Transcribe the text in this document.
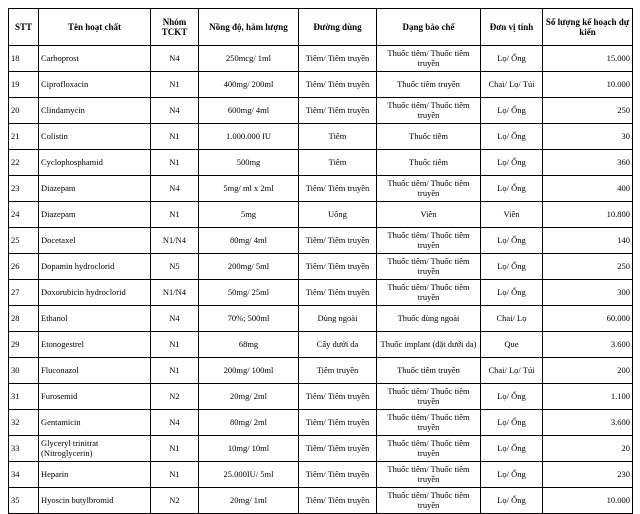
STT	Tên hoạt chất	Nhóm TCKT	Nồng độ, hàm lượng	Đường dùng	Dạng bào chế	Đơn vị tính	Số lượng kế hoạch dự kiến
18	Carboprost	N4	250mcg/ 1ml	Tiêm/ Tiêm truyền	Thuốc tiêm/ Thuốc tiêm truyền	Lọ/ Ống	15.000
19	Ciprofloxacin	N1	400mg/ 200ml	Tiêm/ Tiêm truyền	Thuốc tiêm truyền	Chai/ Lọ/ Túi	10.000
20	Clindamycin	N4	600mg/ 4ml	Tiêm/ Tiêm truyền	Thuốc tiêm/ Thuốc tiêm truyền	Lọ/ Ống	250
21	Colistin	N1	1.000.000 IU	Tiêm	Thuốc tiêm	Lọ/ Ống	30
22	Cyclophosphamid	N1	500mg	Tiêm	Thuốc tiêm	Lọ/ Ống	360
23	Diazepam	N4	5mg/ ml x 2ml	Tiêm/ Tiêm truyền	Thuốc tiêm/ Thuốc tiêm truyền	Lọ/ Ống	400
24	Diazepam	N1	5mg	Uống	Viên	Viên	10.800
25	Docetaxel	N1/N4	80mg/ 4ml	Tiêm/ Tiêm truyền	Thuốc tiêm/ Thuốc tiêm truyền	Lọ/ Ống	140
26	Dopamin hydroclorid	N5	200mg/ 5ml	Tiêm/ Tiêm truyền	Thuốc tiêm/ Thuốc tiêm truyền	Lọ/ Ống	250
27	Doxorubicin hydroclorid	N1/N4	50mg/ 25ml	Tiêm/ Tiêm truyền	Thuốc tiêm/ Thuốc tiêm truyền	Lọ/ Ống	300
28	Ethanol	N4	70%; 500ml	Dùng ngoài	Thuốc dùng ngoài	Chai/ Lọ	60.000
29	Etonogestrel	N1	68mg	Cấy dưới da	Thuốc implant (đặt dưới da)	Que	3.600
30	Fluconazol	N1	200mg/ 100ml	Tiêm truyền	Thuốc tiêm truyền	Chai/ Lọ/ Túi	200
31	Furosemid	N2	20mg/ 2ml	Tiêm/ Tiêm truyền	Thuốc tiêm/ Thuốc tiêm truyền	Lọ/ Ống	1.100
32	Gentamicin	N4	80mg/ 2ml	Tiêm/ Tiêm truyền	Thuốc tiêm/ Thuốc tiêm truyền	Lọ/ Ống	3.600
33	Glyceryl trinitrat (Nitroglycerin)	N1	10mg/ 10ml	Tiêm/ Tiêm truyền	Thuốc tiêm/ Thuốc tiêm truyền	Lọ/ Ống	20
34	Heparin	N1	25.000IU/ 5ml	Tiêm/ Tiêm truyền	Thuốc tiêm/ Thuốc tiêm truyền	Lọ/ Ống	230
35	Hyoscin butylbromid	N2	20mg/ 1ml	Tiêm/ Tiêm truyền	Thuốc tiêm/ Thuốc tiêm truyền	Lọ/ Ống	10.000
. . . .
